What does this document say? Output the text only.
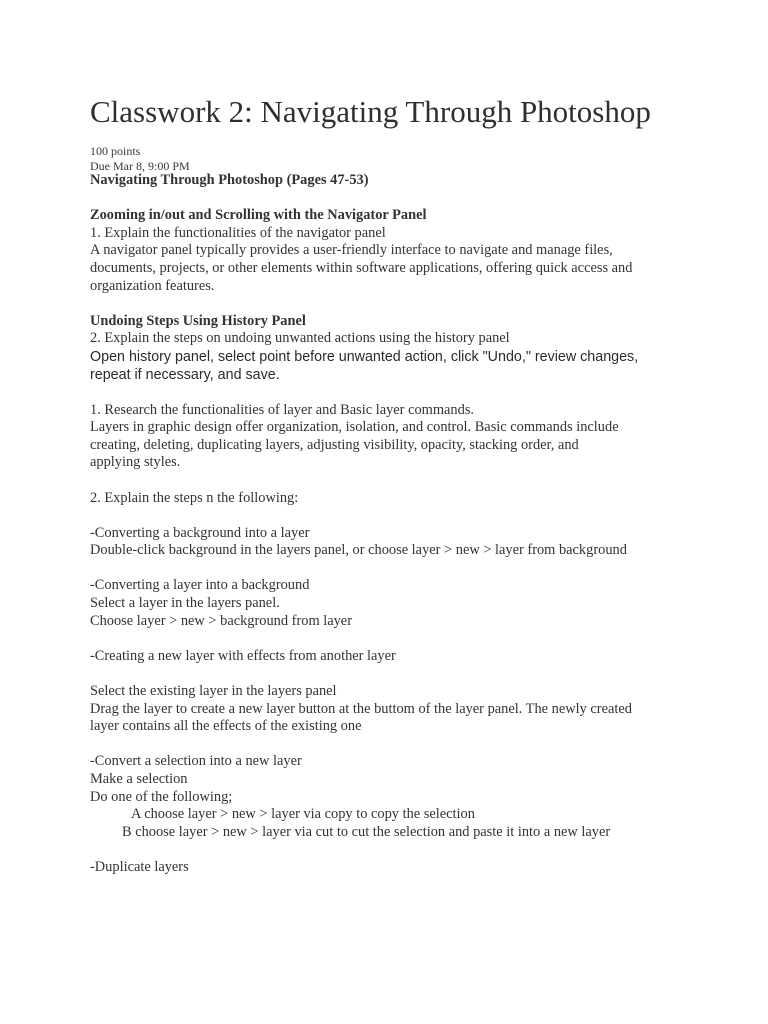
Classwork 2: Navigating Through Photoshop
100 points
Due Mar 8, 9:00 PM
Navigating Through Photoshop (Pages 47-53)
Zooming in/out and Scrolling with the Navigator Panel
1. Explain the functionalities of the navigator panel
A navigator panel typically provides a user-friendly interface to navigate and manage files,
documents, projects, or other elements within software applications, offering quick access and
organization features.
Undoing Steps Using History Panel
2. Explain the steps on undoing unwanted actions using the history panel
Open history panel, select point before unwanted action, click "Undo," review changes,
repeat if necessary, and save.
1. Research the functionalities of layer and Basic layer commands.
Layers in graphic design offer organization, isolation, and control. Basic commands include
creating, deleting, duplicating layers, adjusting visibility, opacity, stacking order, and
applying styles.
2. Explain the steps n the following:
-Converting a background into a layer
Double-click background in the layers panel, or choose layer > new > layer from background
-Converting a layer into a background
Select a layer in the layers panel.
Choose layer > new > background from layer
-Creating a new layer with effects from another layer
Select the existing layer in the layers panel
Drag the layer to create a new layer button at the buttom of the layer panel. The newly created
layer contains all the effects of the existing one
-Convert a selection into a new layer
Make a selection
Do one of the following;
A choose layer > new > layer via copy to copy the selection
B choose layer > new > layer via cut to cut the selection and paste it into a new layer
-Duplicate layers
